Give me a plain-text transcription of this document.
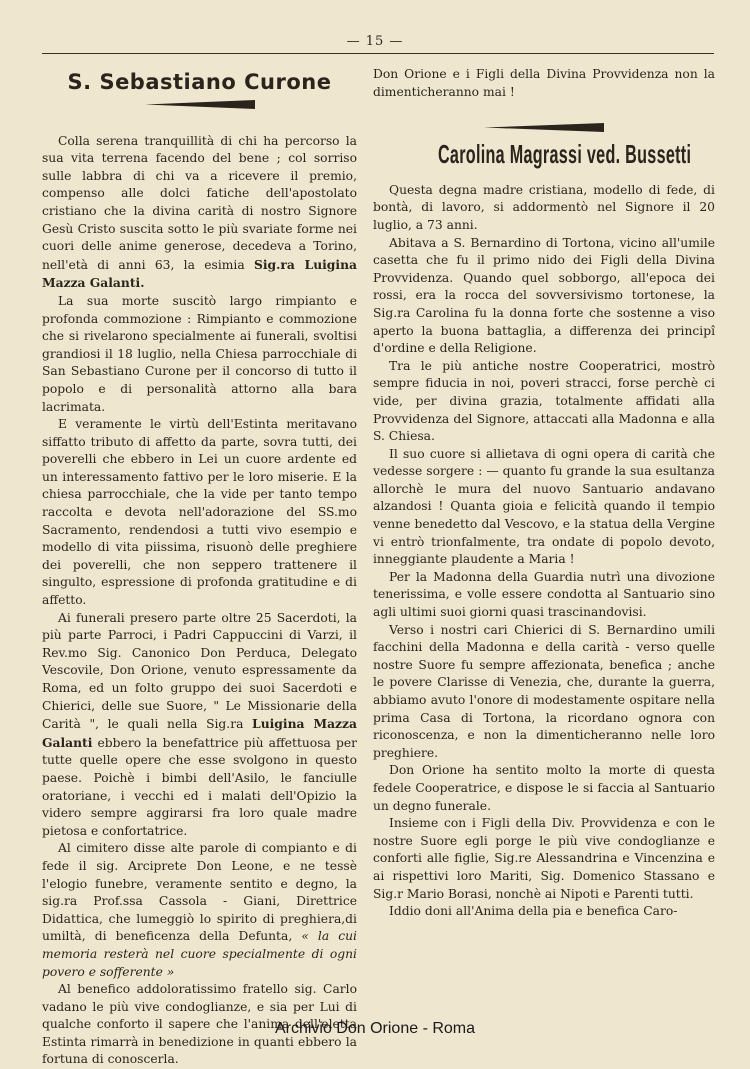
— 15 —
S. Sebastiano Curone

Colla serena tranquillità di chi ha percorso la sua vita terrena facendo del bene ; col sorriso sulle labbra di chi va a ricevere il premio, compenso alle dolci fatiche dell'apostolato cristiano che la divina carità di nostro Signore Gesù Cristo suscita sotto le più svariate forme nei cuori delle anime generose, decedeva a Torino, nell'età di anni 63, la esimia Sig.ra Luigina Mazza Galanti.

La sua morte suscitò largo rimpianto e profonda commozione : Rimpianto e commozione che si rivelarono specialmente ai funerali, svoltisi grandiosi il 18 luglio, nella Chiesa parrocchiale di San Sebastiano Curone per il concorso di tutto il popolo e di personalità attorno alla bara lacrimata.

E veramente le virtù dell'Estinta meritavano siffatto tributo di affetto da parte, sovra tutti, dei poverelli che ebbero in Lei un cuore ardente ed un interessamento fattivo per le loro miserie. E la chiesa parrocchiale, che la vide per tanto tempo raccolta e devota nell'adorazione del SS.mo Sacramento, rendendosi a tutti vivo esempio e modello di vita piissima, risuonò delle preghiere dei poverelli, che non seppero trattenere il singulto, espressione di profonda gratitudine e di affetto.

Ai funerali presero parte oltre 25 Sacerdoti, la più parte Parroci, i Padri Cappuccini di Varzi, il Rev.mo Sig. Canonico Don Perduca, Delegato Vescovile, Don Orione, venuto espressamente da Roma, ed un folto gruppo dei suoi Sacerdoti e Chierici, delle sue Suore, " Le Missionarie della Carità ", le quali nella Sig.ra Luigina Mazza Galanti ebbero la benefattrice più affettuosa per tutte quelle opere che esse svolgono in questo paese. Poichè i bimbi dell'Asilo, le fanciulle oratoriane, i vecchi ed i malati dell'Opizio la videro sempre aggirarsi fra loro quale madre pietosa e confortatrice.

Al cimitero disse alte parole di compianto e di fede il sig. Arciprete Don Leone, e ne tessè l'elogio funebre, veramente sentito e degno, la sig.ra Prof.ssa Cassola - Giani, Direttrice Didattica, che lumeggiò lo spirito di preghiera,di umiltà, di beneficenza della Defunta, « la cui memoria resterà nel cuore specialmente di ogni povero e sofferente »

Al benefico addoloratissimo fratello sig. Carlo vadano le più vive condoglianze, e sia per Lui di qualche conforto il sapere che l'anima dell'eletta Estinta rimarrà in benedizione in quanti ebbero la fortuna di conoscerla.

Don Orione e i Figli della Divina Provvidenza non la dimenticheranno mai !

Carolina Magrassi ved. Bussetti

Questa degna madre cristiana, modello di fede, di bontà, di lavoro, si addormentò nel Signore il 20 luglio, a 73 anni.

Abitava a S. Bernardino di Tortona, vicino all'umile casetta che fu il primo nido dei Figli della Divina Provvidenza. Quando quel sobborgo, all'epoca dei rossi, era la rocca del sovversivismo tortonese, la Sig.ra Carolina fu la donna forte che sostenne a viso aperto la buona battaglia, a differenza dei principî d'ordine e della Religione.

Tra le più antiche nostre Cooperatrici, mostrò sempre fiducia in noi, poveri stracci, forse perchè ci vide, per divina grazia, totalmente affidati alla Provvidenza del Signore, attaccati alla Madonna e alla S. Chiesa.

Il suo cuore si allietava di ogni opera di carità che vedesse sorgere : — quanto fu grande la sua esultanza allorchè le mura del nuovo Santuario andavano alzandosi ! Quanta gioia e felicità quando il tempio venne benedetto dal Vescovo, e la statua della Vergine vi entrò trionfalmente, tra ondate di popolo devoto, inneggiante plaudente a Maria !

Per la Madonna della Guardia nutrì una divozione tenerissima, e volle essere condotta al Santuario sino agli ultimi suoi giorni quasi trascinandovisi.

Verso i nostri cari Chierici di S. Bernardino umili facchini della Madonna e della carità - verso quelle nostre Suore fu sempre affezionata, benefica ; anche le povere Clarisse di Venezia, che, durante la guerra, abbiamo avuto l'onore di modestamente ospitare nella prima Casa di Tortona, la ricordano ognora con riconoscenza, e non la dimenticheranno nelle loro preghiere.

Don Orione ha sentito molto la morte di questa fedele Cooperatrice, e dispose le si faccia al Santuario un degno funerale.

Insieme con i Figli della Div. Provvidenza e con le nostre Suore egli porge le più vive condoglianze e conforti alle figlie, Sig.re Alessandrina e Vincenzina e ai rispettivi loro Mariti, Sig. Domenico Stassano e Sig.r Mario Borasi, nonchè ai Nipoti e Parenti tutti.

Iddio doni all'Anima della pia e benefica Caro-

Archivio Don Orione - Roma
